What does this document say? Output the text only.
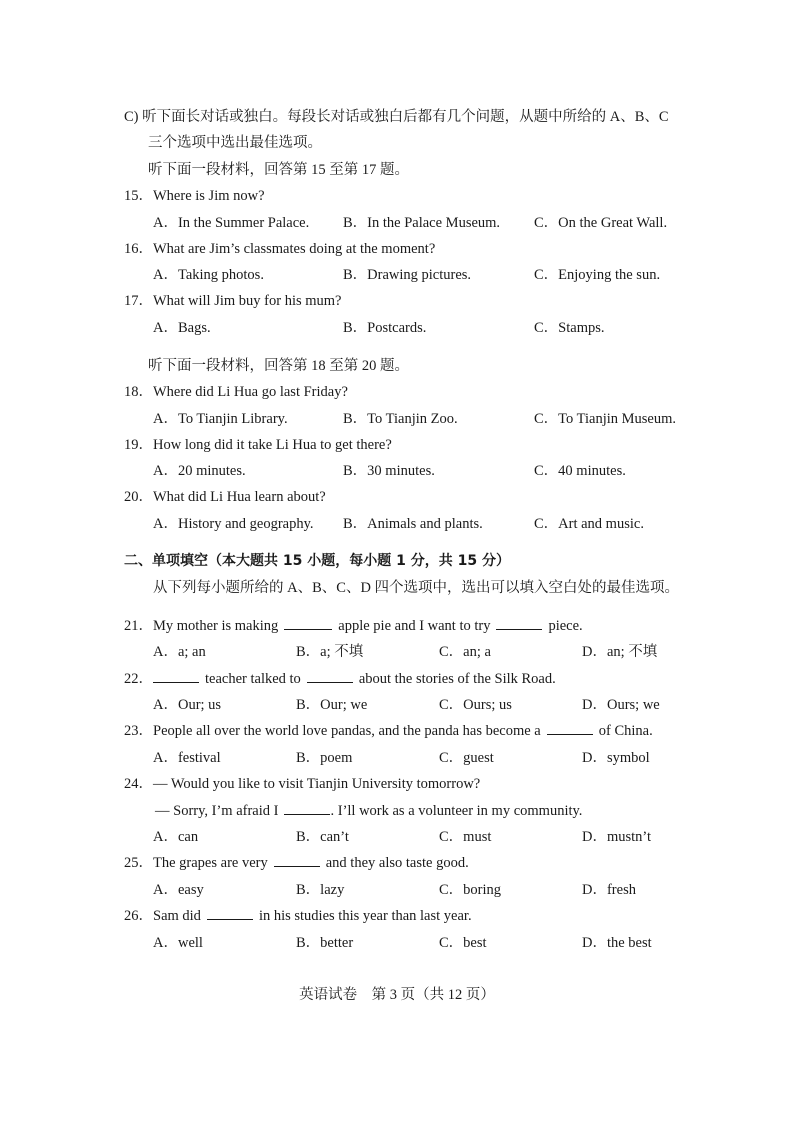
C) 听下面长对话或独白。每段长对话或独白后都有几个问题，从题中所给的 A、B、C
三个选项中选出最佳选项。
听下面一段材料，回答第 15 至第 17 题。
15．Where is Jim now?
A．In the Summer Palace. B．In the Palace Museum. C．On the Great Wall.
16．What are Jim’s classmates doing at the moment?
A．Taking photos.	B．Drawing pictures.	C．Enjoying the sun.
17．What will Jim buy for his mum?
A．Bags.	B．Postcards.	C．Stamps.
听下面一段材料，回答第 18 至第 20 题。
18．Where did Li Hua go last Friday?
A．To Tianjin Library.	B．To Tianjin Zoo.	C．To Tianjin Museum.
19．How long did it take Li Hua to get there?
A．20 minutes.	B．30 minutes.	C．40 minutes.
20．What did Li Hua learn about?
A．History and geography. B．Animals and plants.	C．Art and music.
二、单项填空（本大题共 15 小题，每小题 1 分，共 15 分）
从下列每小题所给的 A、B、C、D 四个选项中，选出可以填入空白处的最佳选项。
21．My mother is making	apple pie and I want to try	piece.
A．a; an	B．a; 不填	C．an; a	D．an; 不填
22．	teacher talked to	about the stories of the Silk Road.
A．Our; us	B．Our; we	C．Ours; us	D．Ours; we
23．People all over the world love pandas, and the panda has become a	of China.
A．festival	B．poem	C．guest	D．symbol
24．— Would you like to visit Tianjin University tomorrow?
— Sorry, I’m afraid I	. I’ll work as a volunteer in my community.
A．can	B．can’t	C．must	D．mustn’t
25．The grapes are very	and they also taste good.
A．easy	B．lazy	C．boring	D．fresh
26．Sam did	in his studies this year than last year.
A．well	B．better	C．best	D．the best
英语试卷　第 3 页（共 12 页）
